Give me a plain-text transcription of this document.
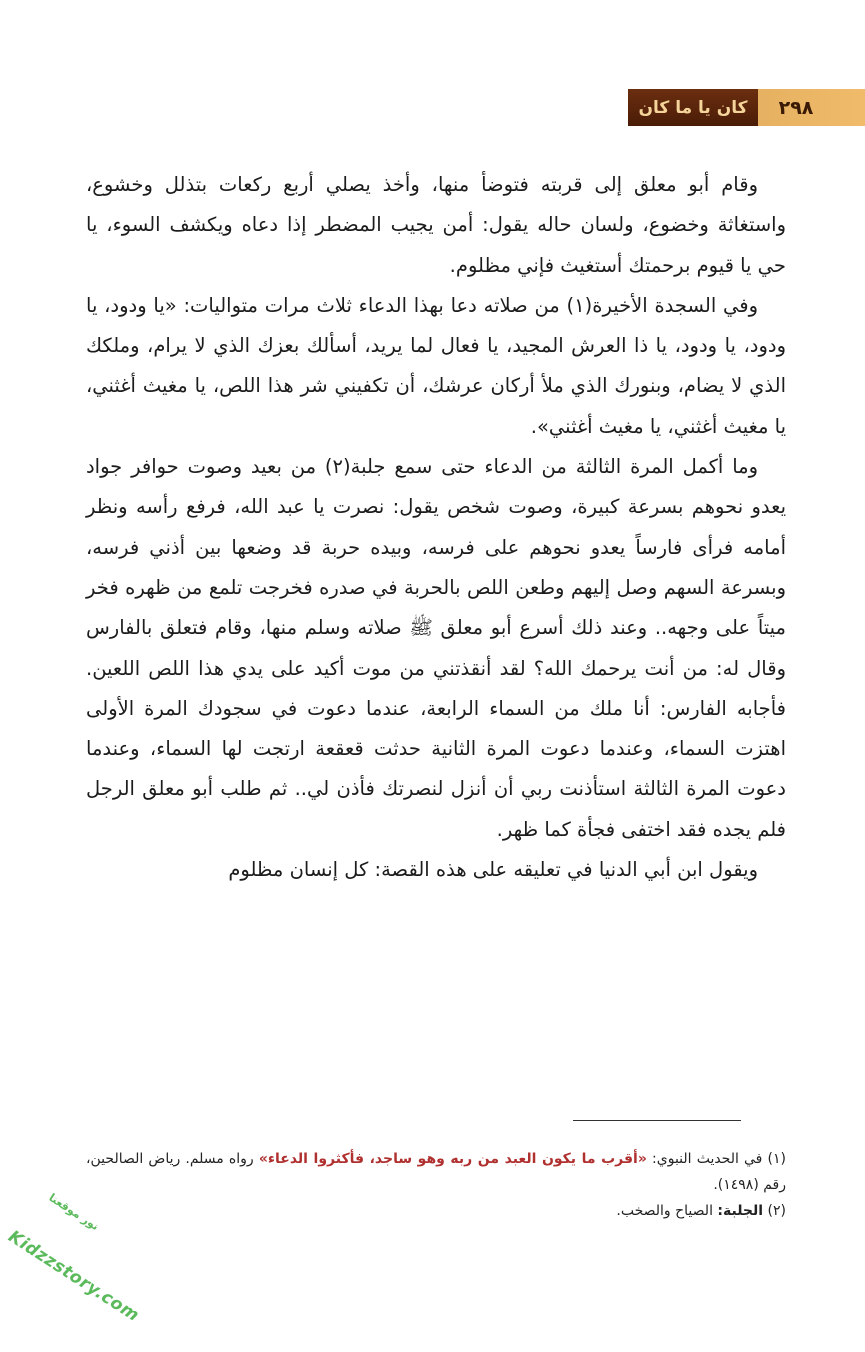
كان يا ما كان	٢٩٨

وقام أبو معلق إلى قربته فتوضأ منها، وأخذ يصلي أربع ركعات بتذلل وخشوع، واستغاثة وخضوع، ولسان حاله يقول: أمن يجيب المضطر إذا دعاه ويكشف السوء، يا حي يا قيوم برحمتك أستغيث فإني مظلوم.

وفي السجدة الأخيرة(١) من صلاته دعا بهذا الدعاء ثلاث مرات متواليات: «يا ودود، يا ودود، يا ودود، يا ذا العرش المجيد، يا فعال لما يريد، أسألك بعزك الذي لا يرام، وملكك الذي لا يضام، وبنورك الذي ملأ أركان عرشك، أن تكفيني شر هذا اللص، يا مغيث أغثني، يا مغيث أغثني، يا مغيث أغثني».

وما أكمل المرة الثالثة من الدعاء حتى سمع جلبة(٢) من بعيد وصوت حوافر جواد يعدو نحوهم بسرعة كبيرة، وصوت شخص يقول: نصرت يا عبد الله، فرفع رأسه ونظر أمامه فرأى فارساً يعدو نحوهم على فرسه، وبيده حربة قد وضعها بين أذني فرسه، وبسرعة السهم وصل إليهم وطعن اللص بالحربة في صدره فخرجت تلمع من ظهره فخر ميتاً على وجهه.. وعند ذلك أسرع أبو معلق ﷺ صلاته وسلم منها، وقام فتعلق بالفارس وقال له: من أنت يرحمك الله؟ لقد أنقذتني من موت أكيد على يدي هذا اللص اللعين. فأجابه الفارس: أنا ملك من السماء الرابعة، عندما دعوت في سجودك المرة الأولى اهتزت السماء، وعندما دعوت المرة الثانية حدثت قعقعة ارتجت لها السماء، وعندما دعوت المرة الثالثة استأذنت ربي أن أنزل لنصرتك فأذن لي.. ثم طلب أبو معلق الرجل فلم يجده فقد اختفى فجأة كما ظهر.

ويقول ابن أبي الدنيا في تعليقه على هذه القصة: كل إنسان مظلوم

(١) في الحديث النبوي: «أقرب ما يكون العبد من ربه وهو ساجد، فأكثروا الدعاء» رواه مسلم. رياض الصالحين، رقم (١٤٩٨).

(٢) الجلبة: الصياح والصخب.

نور موقعنا
Kidzzstory.com
